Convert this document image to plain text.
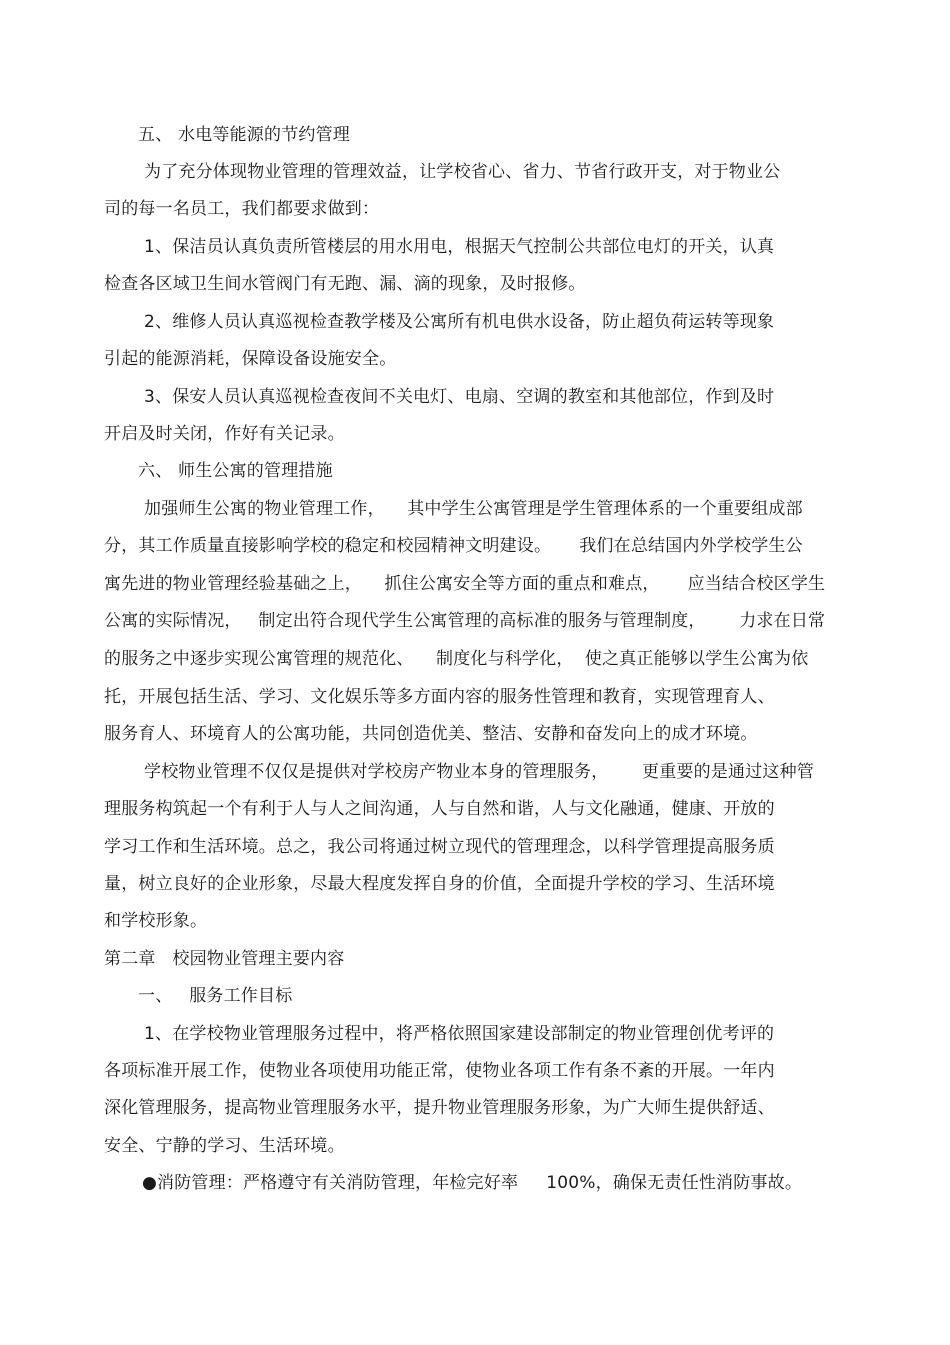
五、 水电等能源的节约管理
为了充分体现物业管理的管理效益，让学校省心、省力、节省行政开支，对于物业公
司的每一名员工，我们都要求做到：
1、保洁员认真负责所管楼层的用水用电，根据天气控制公共部位电灯的开关，认真
检查各区域卫生间水管阀门有无跑、漏、滴的现象，及时报修。
2、维修人员认真巡视检查教学楼及公寓所有机电供水设备，防止超负荷运转等现象
引起的能源消耗，保障设备设施安全。
3、保安人员认真巡视检查夜间不关电灯、电扇、空调的教室和其他部位，作到及时
开启及时关闭，作好有关记录。
六、 师生公寓的管理措施
加强师生公寓的物业管理工作，    其中学生公寓管理是学生管理体系的一个重要组成部
分，其工作质量直接影响学校的稳定和校园精神文明建设。     我们在总结国内外学校学生公
寓先进的物业管理经验基础之上，    抓住公寓安全等方面的重点和难点，     应当结合校区学生
公寓的实际情况，   制定出符合现代学生公寓管理的高标准的服务与管理制度，      力求在日常
的服务之中逐步实现公寓管理的规范化、    制度化与科学化，  使之真正能够以学生公寓为依
托，开展包括生活、学习、文化娱乐等多方面内容的服务性管理和教育，实现管理育人、
服务育人、环境育人的公寓功能，共同创造优美、整洁、安静和奋发向上的成才环境。
学校物业管理不仅仅是提供对学校房产物业本身的管理服务，      更重要的是通过这种管
理服务构筑起一个有利于人与人之间沟通，人与自然和谐，人与文化融通，健康、开放的
学习工作和生活环境。总之，我公司将通过树立现代的管理理念，以科学管理提高服务质
量，树立良好的企业形象，尽最大程度发挥自身的价值，全面提升学校的学习、生活环境
和学校形象。
第二章   校园物业管理主要内容
一、   服务工作目标
1、在学校物业管理服务过程中，将严格依照国家建设部制定的物业管理创优考评的
各项标准开展工作，使物业各项使用功能正常，使物业各项工作有条不紊的开展。一年内
深化管理服务，提高物业管理服务水平，提升物业管理服务形象，为广大师生提供舒适、
安全、宁静的学习、生活环境。
●消防管理：严格遵守有关消防管理，年检完好率     100%，确保无责任性消防事故。
